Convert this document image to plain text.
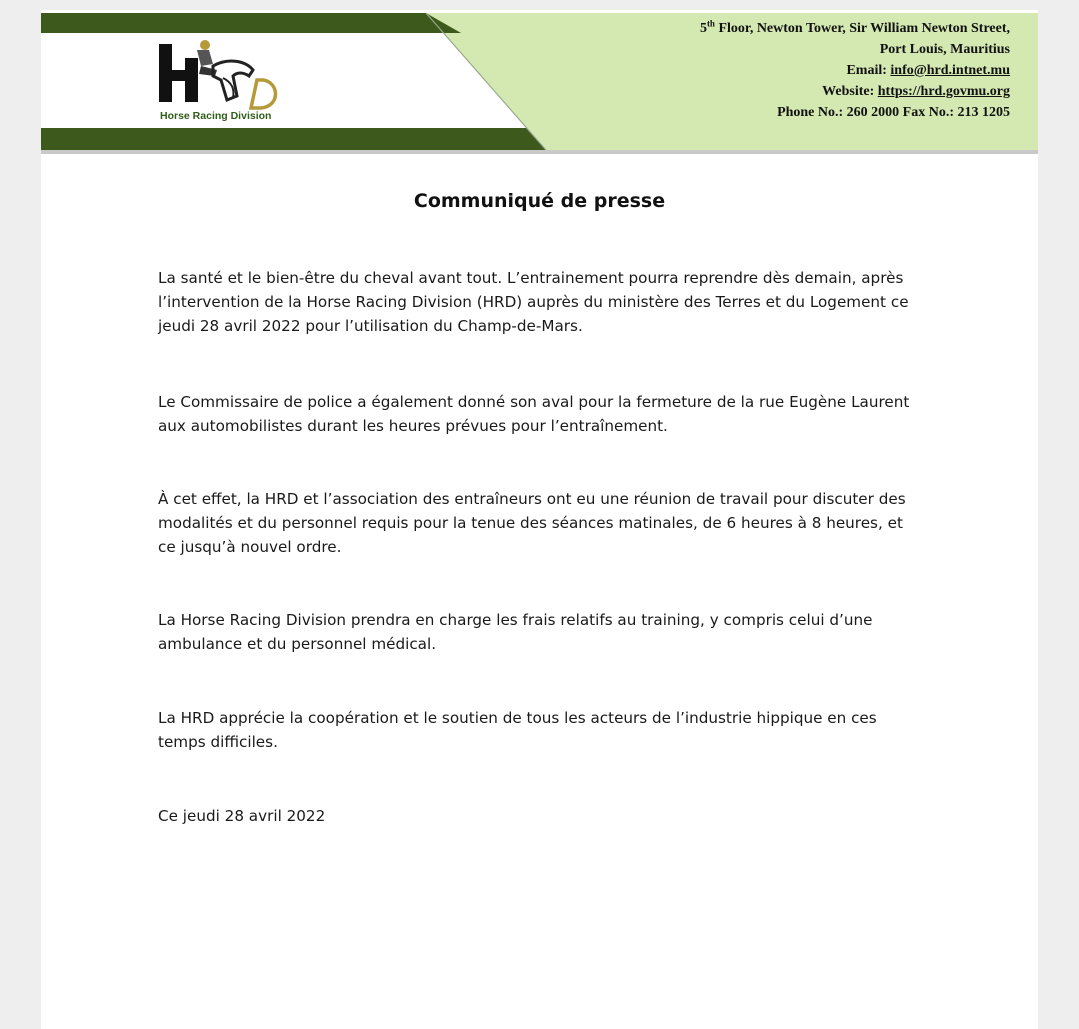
Horse Racing Division
5th Floor, Newton Tower, Sir William Newton Street,
Port Louis, Mauritius
Email: info@hrd.intnet.mu
Website: https://hrd.govmu.org
Phone No.: 260 2000 Fax No.: 213 1205
Communiqué de presse
La santé et le bien-être du cheval avant tout. L’entrainement pourra reprendre dès demain, après l’intervention de la Horse Racing Division (HRD) auprès du ministère des Terres et du Logement ce jeudi 28 avril 2022 pour l’utilisation du Champ-de-Mars.
Le Commissaire de police a également donné son aval pour la fermeture de la rue Eugène Laurent aux automobilistes durant les heures prévues pour l’entraînement.
À cet effet, la HRD et l’association des entraîneurs ont eu une réunion de travail pour discuter des modalités et du personnel requis pour la tenue des séances matinales, de 6 heures à 8 heures, et ce jusqu’à nouvel ordre.
La Horse Racing Division prendra en charge les frais relatifs au training, y compris celui d’une ambulance et du personnel médical.
La HRD apprécie la coopération et le soutien de tous les acteurs de l’industrie hippique en ces temps difficiles.
Ce jeudi 28 avril 2022
